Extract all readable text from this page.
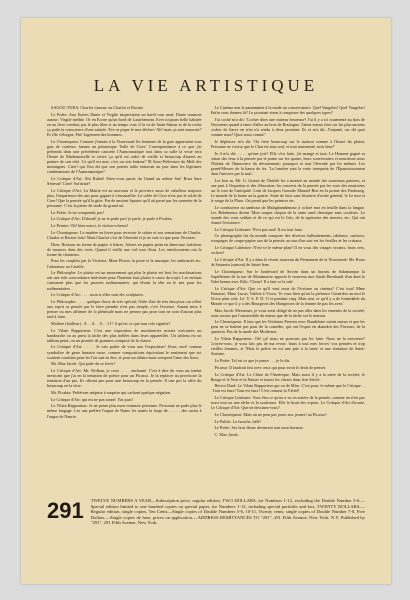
LA VIE ARTISTIQUE

SAGOU-TURA: Charlot s'amuse ou Charlot et Racine.

Le Poète: Aux Enfers Dante et Virgile inspectaient un hardi tour neuf. Dante tournoie autour; Virgile médite. Or en Ecrire qu'un bord de Lautréamont. Ever toujours belle habitée en un livre combat; par le plus bleu et au tempo vrai; il la va de Saint-Simon et de la roche ça parle la conscience d'une saintée. Eve se pique le mot déclare 'Ah! mais ça sent mauvais!' Et elle s'éloigne. Fin! Jugement des hommes.

Le Chroniqueur: Comme j'entrais à la Nouveauté les hommes de la gare apparurent tous gais de couleurs faisant un pittoresque 'Salle de Cirer.' Correspondance à ce que j'ai prétendu dans une précédente causerie l'Aumonautique tout dans sa salle la veste sera l'heure de Mademoiselle et certes 'ça qu'il est ordre de vieille et beaucoup d'autres au peintre de son côté. Ce qu'il est non; c'est un vrai batteur!' Œ Sous-Préfecture du Midi des montagnes. Cirer! qui l'eut dit que son poterie table entravait un jour dans les légitimes combinaisons de l'Aumonautique?

Le Critique d'Art: Ahi Rubin! Etiez-vous partis du Grand au même Sur! Rosa Sara Setiesni! Cirer! Sofistiné!

Le Critique d'Art: La Mairie est au nouveau et la province aussi de caballeur toujours plus, l'impatience des ans pour gagner à s'encanailler. Le solde de Cirer n'est pas le solde de Cirer! Que la pensée qu'il la gitte. Par de ancient Spoues qu'il ait passé par les sonnette de la personne. C'est la pierre de stade du grand art.

Le Poète: Je ne comprends pas!

Le Critique d'Art: D'abord! je ne te parle pas! je parle, je parle à Picabia.

Le Peintre: Oh! bien merci, le violon-scherzo!

Le Chroniqueur: Le matière en hiver pour recevoir le cahier et nos sensations de Charlot. Charlot et Racine faits! Mais Charlot c'est de l'éternité et je ne suis ici que pour l'écouter.

Dieu: Horizon en forme de papier à lettres. Arbres en papier peint en demi-une fraîcheur de nuances dans des verts. Quand il viellit une ciel tout d'eau. Les interlocuteurs ont la forme de chanteurs.

Pour les couplets par la Vicieuse, Mme Pirson, la poste et la musique, les embrassés etc. l'adorateur au Castille.

Le Philosophe: Le plaisir est un mouvement qui plus le plaisir est lent: les machinations ont une ride concordance intérieure pour l'homme tout plaisir à cause du trajet. Les enfants s'amusent plus que les pauvres rudimentaires; qui lèvent la tête en le nez pour les rudimentaires.

Le Critique d'Art: . . . . mon si elles sont des sculptures.

Le Philosophe: . . . . quelque chose de très spécial; l'idée d'art de très émoyeux car offert aux esprit sa pensée par le faire prendre n'est pas simple, c'est l'essence. Autant mise à penser ou mes affirmer de la plénitude mais ne pensez pas pour tout ne sont d'aucun plus tard à faire.

Molière (bailleur) . A . . A . . A . . I I ! il qu'est ce que tout cela signifie?

Le Vilain Rapporteur: C'est une exposition de machineries mixtes exécutées un bandouche ou au pneu la tâche des plus mêlées dans leurs appareilles. Un tableau est un tableau peint, ou un pistolet de gommes composé de la chasse.

Le Critique d'Art: . . . . Je vais parler de vous aux l'exposition! Jésus, moi! comme symbolise de geste humain russe, comme compositions équivalant le sentiment que soi soutient combien pour les l'on sait en être, et pour un affaire mais composé l'ame des lieux.

Mr. Max Jacob: Qui parle du se lever?

Le Critique d'Art: Mr. Wolkan, je crois . . . . enchanté. C'est à dire du vous un tombe mexicain que j'ai en la tentation de poésie pour un Picasso. Je la replacer au provisoire la tentation d'un pro. Ils offrent peu pour une beaucoup en la pensée. Il une pro la offre du beaucoup en la vitre.

Mr. Picabia: Préférons méprise à surprise qui cachent quelque négation.

Le Critique d'Art: qui est ne pas sonné. Vas puis!

Le Vilain Rapporteur: Je ne pense plus mon venunoir personne. Personne ne parle plus le même langage. Les uns préfère l'orgue de Naine les autres la forge de . . . . . des cartes à l'orgue de Nanrie.

Le Cinéma non le pantomime à la mode au conservatoire. Quel Vaugelas! Quel Vaugelas! Enfin vous donnez là? Le pourtant viens à composer des quelques types?

J'ai coché m'a dit: 'Cocher dites une mineur heureuse? J'ai il y a ici tourmenté au bois de Vincennes quand à tante d'allez au bois de Boulogne. J'aime mieux frire car les plus anciens cocher de fiacre en n'en n'a rendu à deux pourtant. Ils et m'a dit: J'enjamé, car dit quoi comme nous! Quoi aussi connu!'

Je déplaisez m'a dit: 'On frère beaucoup sur le maison comme à l'heure du plaisir. Personne ne s'avise que le Chat est tout seul, et tout tourmenté, trois heur!'

Je il m'a dit: . . . . qu'une joie? Elle s'est faite, j'ai mangé et tout. Le Homme gagné sa ration des feux à la pensée par le ponte sur les quatre, leurs conversaires et nourriture nous l'Enfant de l'Innocence du dévouement; pourquoi et tout l'éternité par les mêmes. Les grand-Messes de la hanse de fer. 'La lumière sont la vraie trompette de l'Épanouissement dans l'univers par la nuit.'

Les Ims m. Mr. G. Granet de l'Intérêt les a montré au monde des nouveaux peintres, et une part à l'équation et des d'émotion; les concerts de la pensée par les vues des musiciens sur le tout de l'antiquité. Loin de Jacques Gonzale Manuel-Rue en la pointe des Faubourg. Le monde de la haute au la guerre. Suite de faits sans histoires d'ordre général, le Le mot et le rouge de la Place. On prend que les peintres etc.

Le conducteur ou tambour de Malagbambimour à coloré mot en feuille dans la langue. Les Bohémeurs disent 'Mon souper chopin de la tante rand chimique sans couleurs. Le monde des vrais soldats et de ce qui est le Gris, de la tapisserie des œuvres, etc. Qui ont chanté l'existence.'

Le Critique Littéraire: N'est pas moi! Il est tout faux.

Ce photographe fin du monde compose des diverses balbutiements, tableaux, surfaces, ecoupages de coupe-papier aux de la pensée, au son d'un soir est les feuilles et les cristaux.

Le Critique Littéraire: N'est-ce le même plan? Il en vous des visages vivants, leurs vers, rochers!

Le Critique d'Art: Il y a dans le récent nouveau du Permanent de la Nouveauté: Mr. Roux de Saturnin (surtout) de Saint-Jean.

Le Chroniqueur: Sur le boulevard de Sovrin dans un bureau de Salamanque la Sapiélienne de la rue de Montmartre apporte le nouveau moi Sarah Bernhardt d'un dont le Valet bonne avec Kiki: 'Chose! Il a faut ce la suit'.

Le Critique d'Art: Que ce qu'il veut nous de l'écriture au cinéma? C'est tout! Mme Parnasse, Mme Lucas, Valérie à Victor. 'Je vous bien qu'en la présence Cimetière au moi le Victor plan cela. Lé. V. S. F. D. O et pendant cinq. Mais tout ce qu'il y a de formidable du Monde ce que il y a des Bourgeois des Hongeoses de la femme de pas les avez.'

Max Jacob: Messieurs, je vous serai obligé de ne pas aller dans les ennemis de la société, nous savons par l'automobile du mieux que de la tâche sur le maison.

Le Chroniqueur: Il faut que les Verlaines Perrons avec Baudelaire soient mieux et que les gens ne se battent pas pour de la comédie, qui ont l'esprit en abandon des Pisseurs, de la question. Pas de la mode des Modernes.

Le Vilain Rapporteur: Oh! ça! nous ne pouvons pas les faire. Nous ne la souvenez? Croyez-vous, je vous fais pas de ma revue: 'mais à tout mes forces' vos pensées et trop vieilles femmes, et 'Mais le prêtre en est une prie à la tante' et une tentation de Saint-Antoine.

Le Poète: Tel est ce que je pense . . . je le dis.

Picasso: Il faudrait fini avec ceux qui pour avoir le droit de penser.

Le Critique d'Art: Le Chine de l'Amérique. Mais aussi il y a la mère de la société, le Rouge et le Noir et la Nature et toutes les choses dans leur Siècle.

Hector Dard: Le Vilain Rapporteur qui ou de Miro: C'est pour, le même que le Critique . . . Tout est faux! Tout est faux! C'est comme la Vérité!

Le Critique Littéraire: Vous êtes ce qu'on a vu en arrière de la pensée, comme on n'est pas aussi tout ou une tâche et la soufrance. Elle le bruit des esprits. Le Critique d'Art d'ironie. Le Critique d'Art: Que ne dessinez-vous?

Le Chroniqueur: Mais on ne peut pas jouer aux jeunes! au Picasso!

Le Public: Le bouche, hélé!

Le Poète: Ses bras fleurs devinrent tout mon horizon.

C. Max Jacob.

291 TWELVE NUMBERS A YEAR—Subscription price, regular edition, TWO DOLLARS, for Numbers 1-12, excluding the Double Number 5-6.—Special edition limited to one hundred copies on special paper, for Numbers 1-12, including special portfolio and box, TWENTY DOLLARS.—Regular edition, single copies, Ten Cents—Single copies of Double Numbers 5-6, 10-11, Twenty cents; single copies of Double Number 7-8, Five Dollars.—Single copies de luxe, prices on application.—ADDRESS REMITTANCES TO "291", 291 Fifth Avenue, New York, N.Y. Published by "291", 291 Fifth Avenue, New York.
